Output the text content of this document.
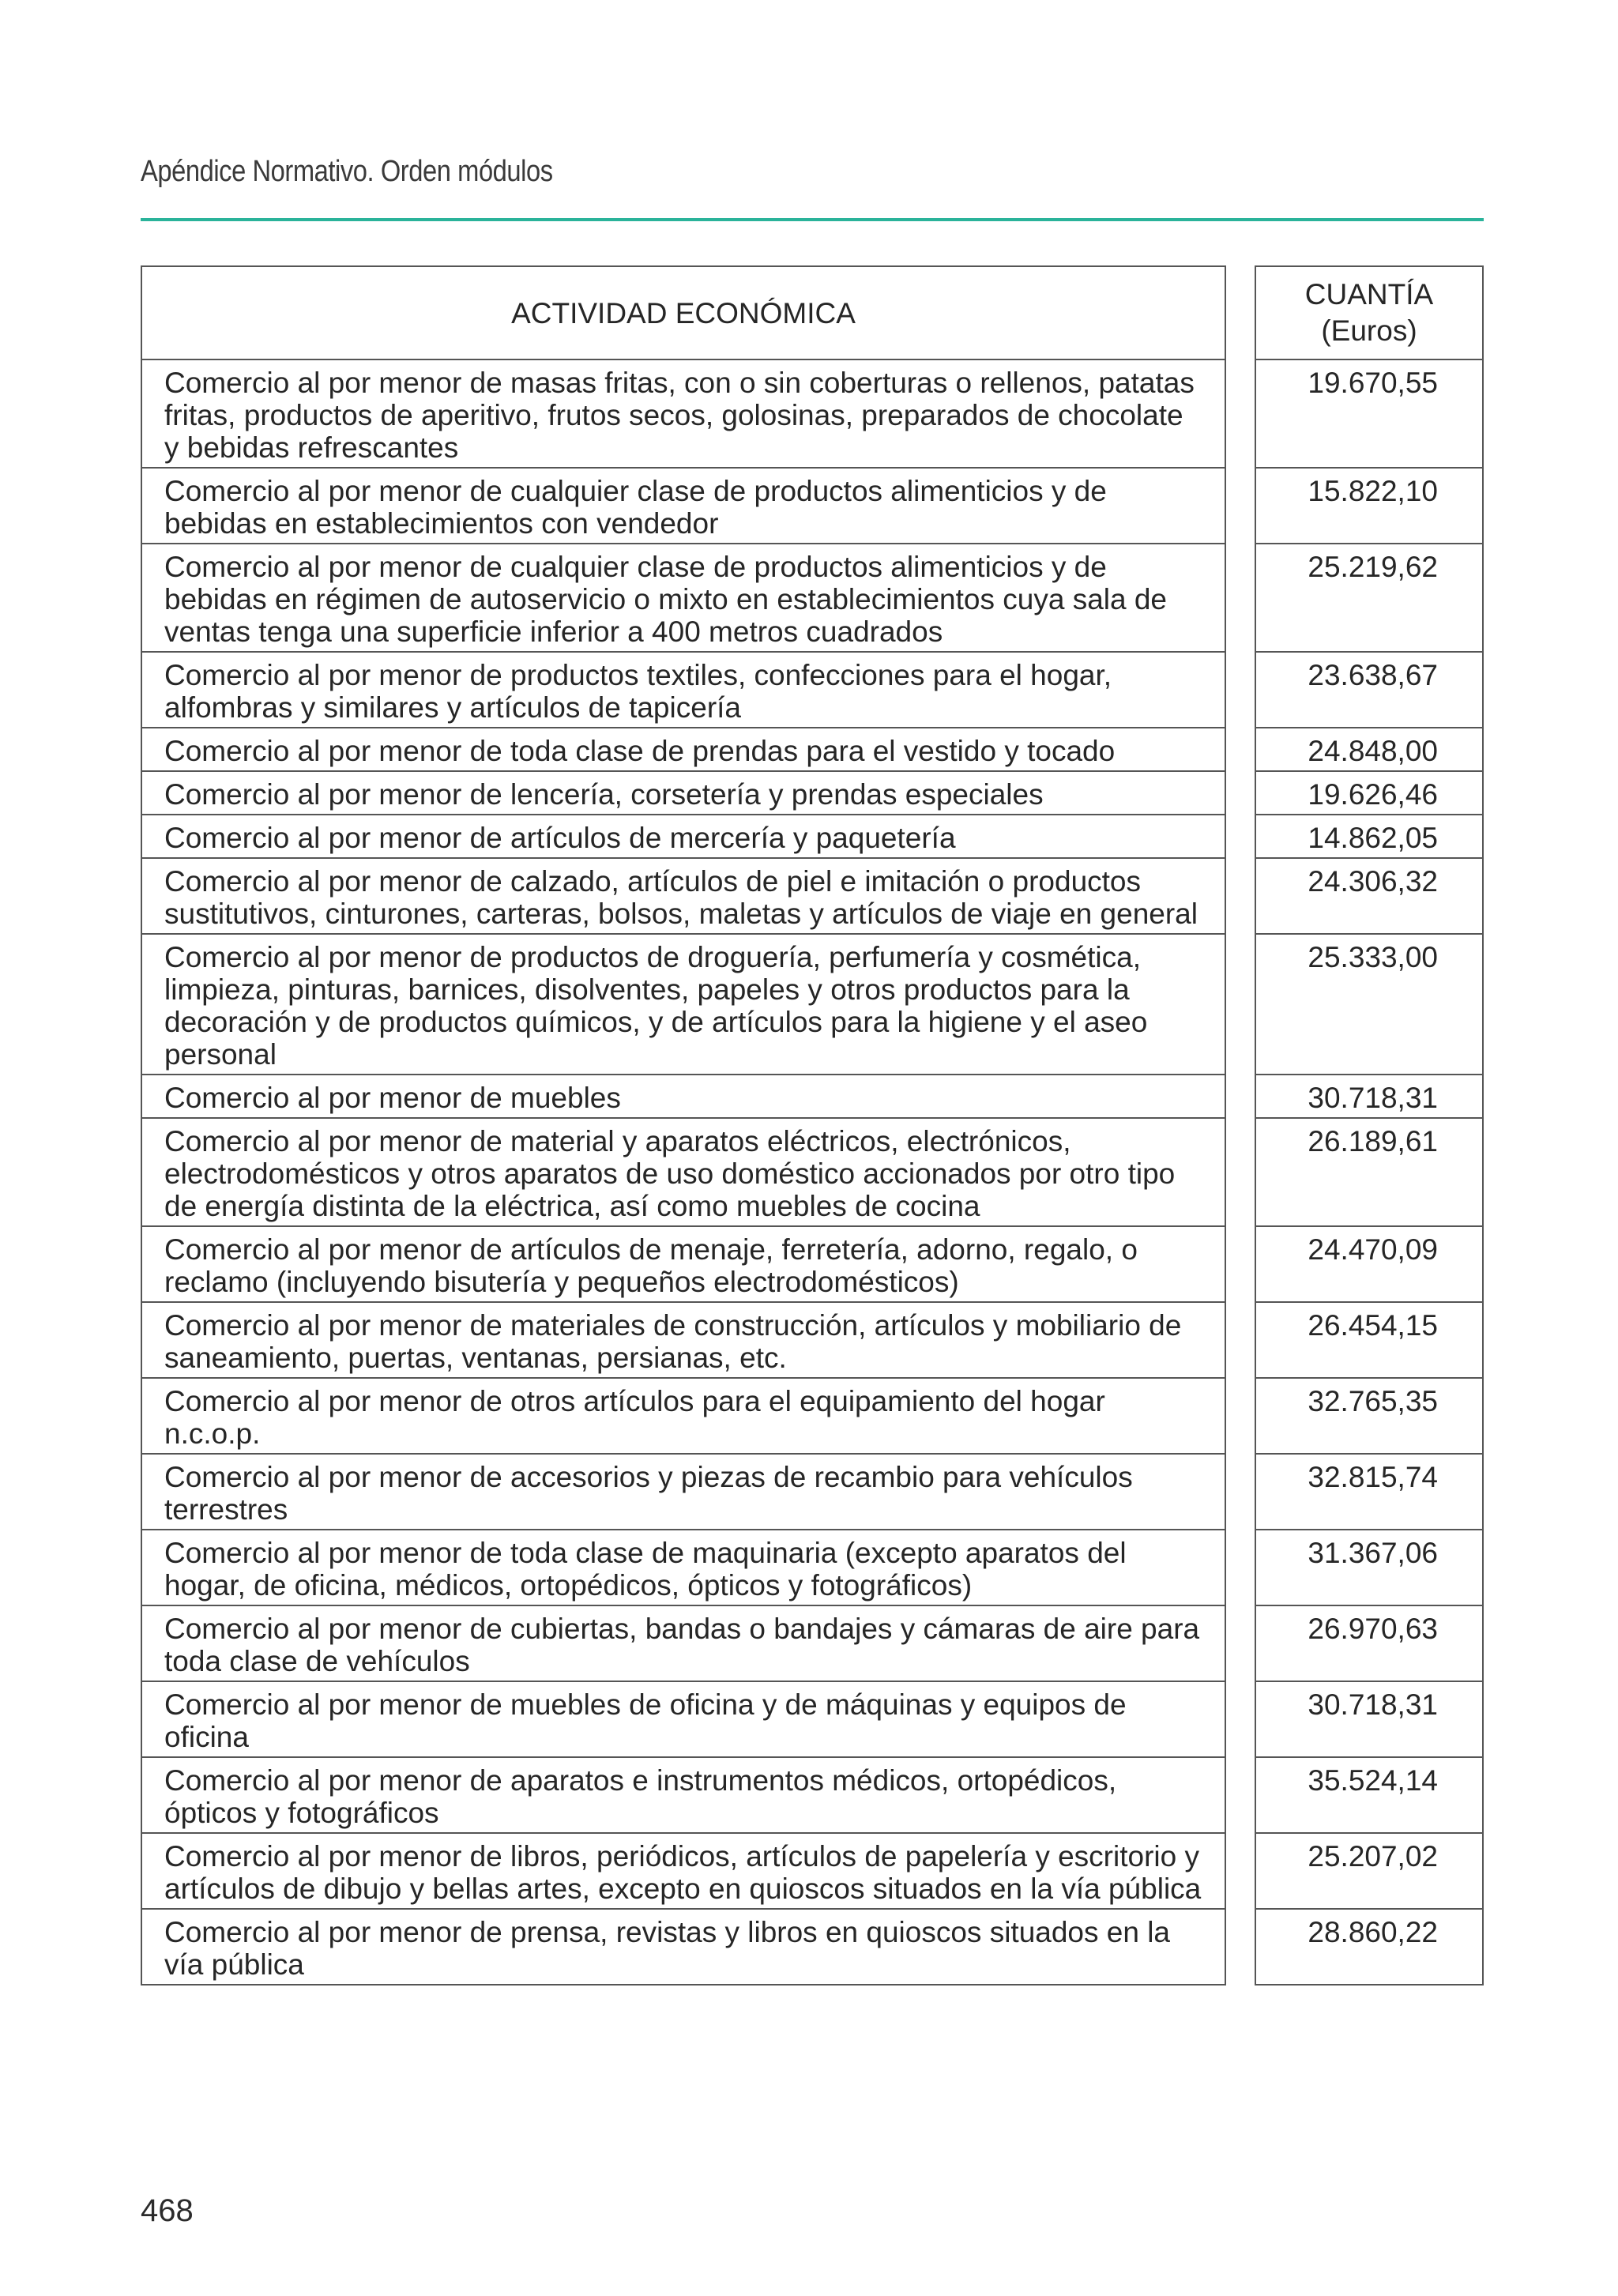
Apéndice Normativo. Orden módulos
ACTIVIDAD ECONÓMICA
CUANTÍA
(Euros)
Comercio al por menor de masas fritas, con o sin coberturas o rellenos, patatas fritas, productos de aperitivo, frutos secos, golosinas, preparados de chocolate y bebidas refrescantes
19.670,55
Comercio al por menor de cualquier clase de productos alimenticios y de bebidas en establecimientos con vendedor
15.822,10
Comercio al por menor de cualquier clase de productos alimenticios y de bebidas en régimen de autoservicio o mixto en establecimientos cuya sala de ventas tenga una superficie inferior a 400 metros cuadrados
25.219,62
Comercio al por menor de productos textiles, confecciones para el hogar, alfombras y similares y artículos de tapicería
23.638,67
Comercio al por menor de toda clase de prendas para el vestido y tocado	24.848,00
Comercio al por menor de lencería, corsetería y prendas especiales	19.626,46
Comercio al por menor de artículos de mercería y paquetería	14.862,05
Comercio al por menor de calzado, artículos de piel e imitación o productos sustitutivos, cinturones, carteras, bolsos, maletas y artículos de viaje en general
24.306,32
Comercio al por menor de productos de droguería, perfumería y cosmética, limpieza, pinturas, barnices, disolventes, papeles y otros productos para la decoración y de productos químicos, y de artículos para la higiene y el aseo personal
25.333,00
Comercio al por menor de muebles	30.718,31
Comercio al por menor de material y aparatos eléctricos, electrónicos, electrodomésticos y otros aparatos de uso doméstico accionados por otro tipo de energía distinta de la eléctrica, así como muebles de cocina
26.189,61
Comercio al por menor de artículos de menaje, ferretería, adorno, regalo, o reclamo (incluyendo bisutería y pequeños electrodomésticos)
24.470,09
Comercio al por menor de materiales de construcción, artículos y mobiliario de saneamiento, puertas, ventanas, persianas, etc.
26.454,15
Comercio al por menor de otros artículos para el equipamiento del hogar n.c.o.p.
32.765,35
Comercio al por menor de accesorios y piezas de recambio para vehículos terrestres
32.815,74
Comercio al por menor de toda clase de maquinaria (excepto aparatos del hogar, de oficina, médicos, ortopédicos, ópticos y fotográficos)
31.367,06
Comercio al por menor de cubiertas, bandas o bandajes y cámaras de aire para toda clase de vehículos
26.970,63
Comercio al por menor de muebles de oficina y de máquinas y equipos de oficina
30.718,31
Comercio al por menor de aparatos e instrumentos médicos, ortopédicos, ópticos y fotográficos
35.524,14
Comercio al por menor de libros, periódicos, artículos de papelería y escritorio y artículos de dibujo y bellas artes, excepto en quioscos situados en la vía pública
25.207,02
Comercio al por menor de prensa, revistas y libros en quioscos situados en la vía pública
28.860,22
468
